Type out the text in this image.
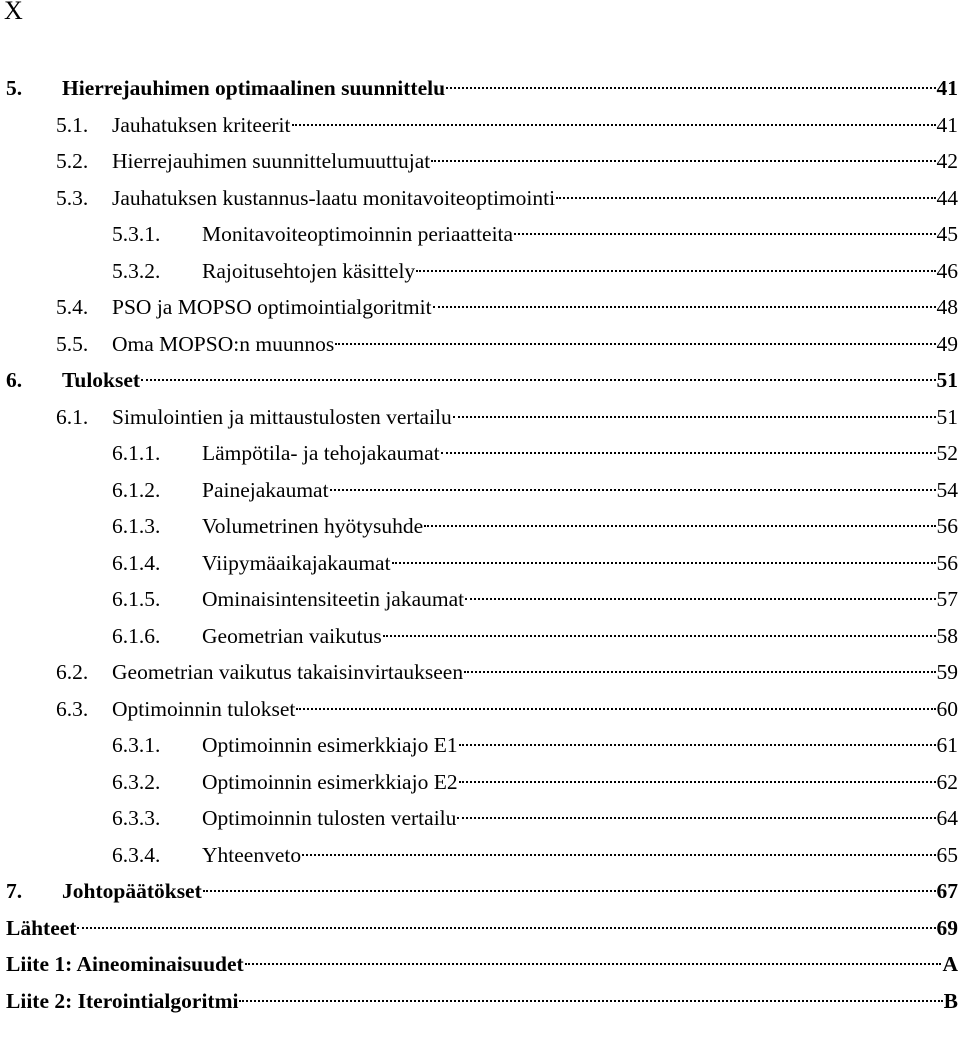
X
5.	Hierrejauhimen optimaalinen suunnittelu	41
5.1.	Jauhatuksen kriteerit	41
5.2.	Hierrejauhimen suunnittelumuuttujat	42
5.3.	Jauhatuksen kustannus-laatu monitavoiteoptimointi	44
5.3.1.	Monitavoiteoptimoinnin periaatteita	45
5.3.2.	Rajoitusehtojen käsittely	46
5.4.	PSO ja MOPSO optimointialgoritmit	48
5.5.	Oma MOPSO:n muunnos	49
6.	Tulokset	51
6.1.	Simulointien ja mittaustulosten vertailu	51
6.1.1.	Lämpötila- ja tehojakaumat	52
6.1.2.	Painejakaumat	54
6.1.3.	Volumetrinen hyötysuhde	56
6.1.4.	Viipymäaikajakaumat	56
6.1.5.	Ominaisintensiteetin jakaumat	57
6.1.6.	Geometrian vaikutus	58
6.2.	Geometrian vaikutus takaisinvirtaukseen	59
6.3.	Optimoinnin tulokset	60
6.3.1.	Optimoinnin esimerkkiajo E1	61
6.3.2.	Optimoinnin esimerkkiajo E2	62
6.3.3.	Optimoinnin tulosten vertailu	64
6.3.4.	Yhteenveto	65
7.	Johtopäätökset	67
Lähteet	69
Liite 1: Aineominaisuudet	A
Liite 2: Iterointialgoritmi	B
